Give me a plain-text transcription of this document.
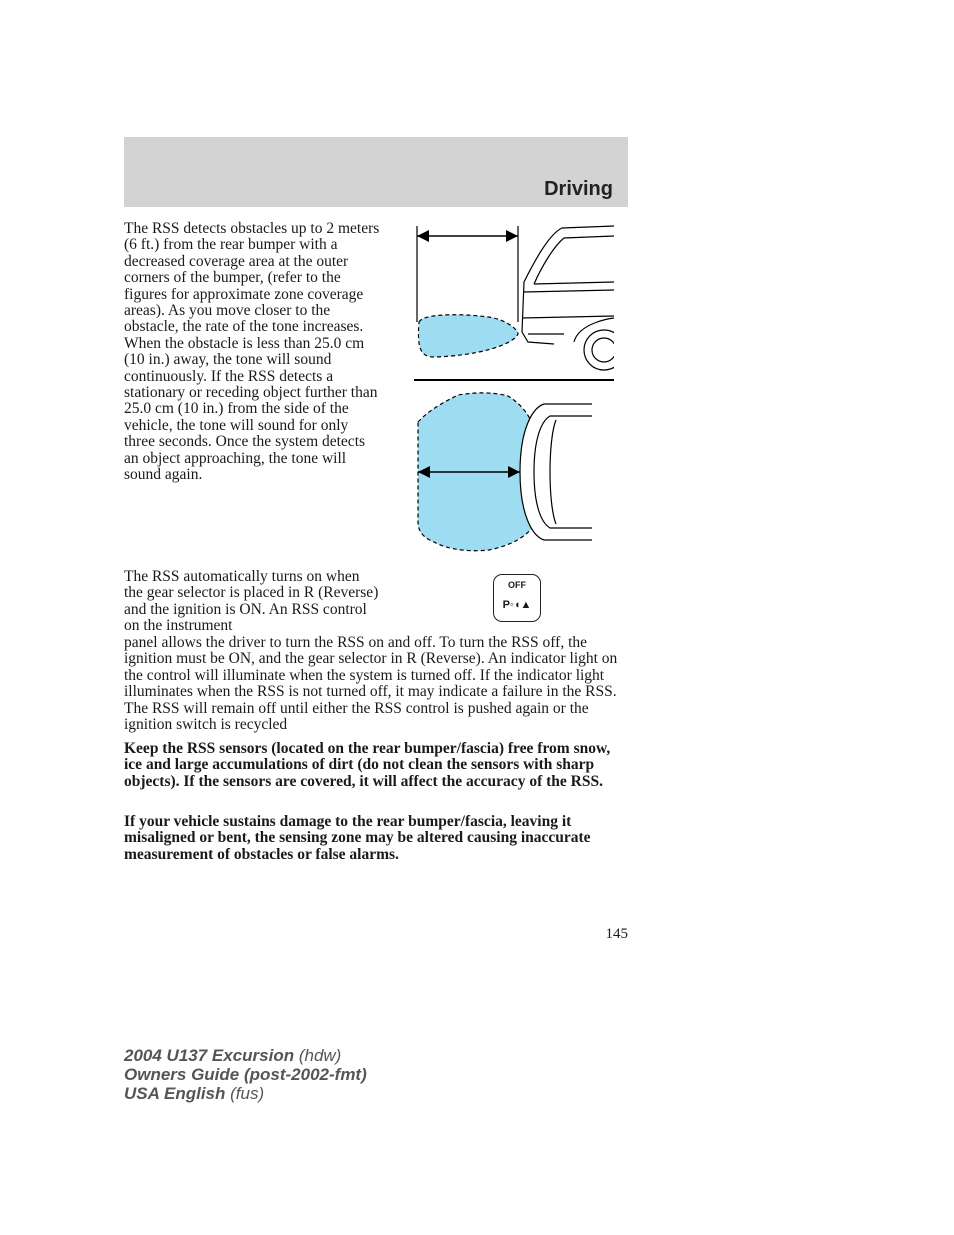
Driving

The RSS detects obstacles up to 2 meters (6 ft.) from the rear bumper with a decreased coverage area at the outer corners of the bumper, (refer to the figures for approximate zone coverage areas). As you move closer to the obstacle, the rate of the tone increases. When the obstacle is less than 25.0 cm (10 in.) away, the tone will sound continuously. If the RSS detects a stationary or receding object further than 25.0 cm (10 in.) from the side of the vehicle, the tone will sound for only three seconds. Once the system detects an object approaching, the tone will sound again.

The RSS automatically turns on when the gear selector is placed in R (Reverse) and the ignition is ON. An RSS control on the instrument

panel allows the driver to turn the RSS on and off. To turn the RSS off, the ignition must be ON, and the gear selector in R (Reverse). An indicator light on the control will illuminate when the system is turned off. If the indicator light illuminates when the RSS is not turned off, it may indicate a failure in the RSS. The RSS will remain off until either the RSS control is pushed again or the ignition switch is recycled

OFF
P◦◖▲

Keep the RSS sensors (located on the rear bumper/fascia) free from snow, ice and large accumulations of dirt (do not clean the sensors with sharp objects). If the sensors are covered, it will affect the accuracy of the RSS.

If your vehicle sustains damage to the rear bumper/fascia, leaving it misaligned or bent, the sensing zone may be altered causing inaccurate measurement of obstacles or false alarms.

145
2004 U137 Excursion (hdw)
Owners Guide (post-2002-fmt)
USA English (fus)
